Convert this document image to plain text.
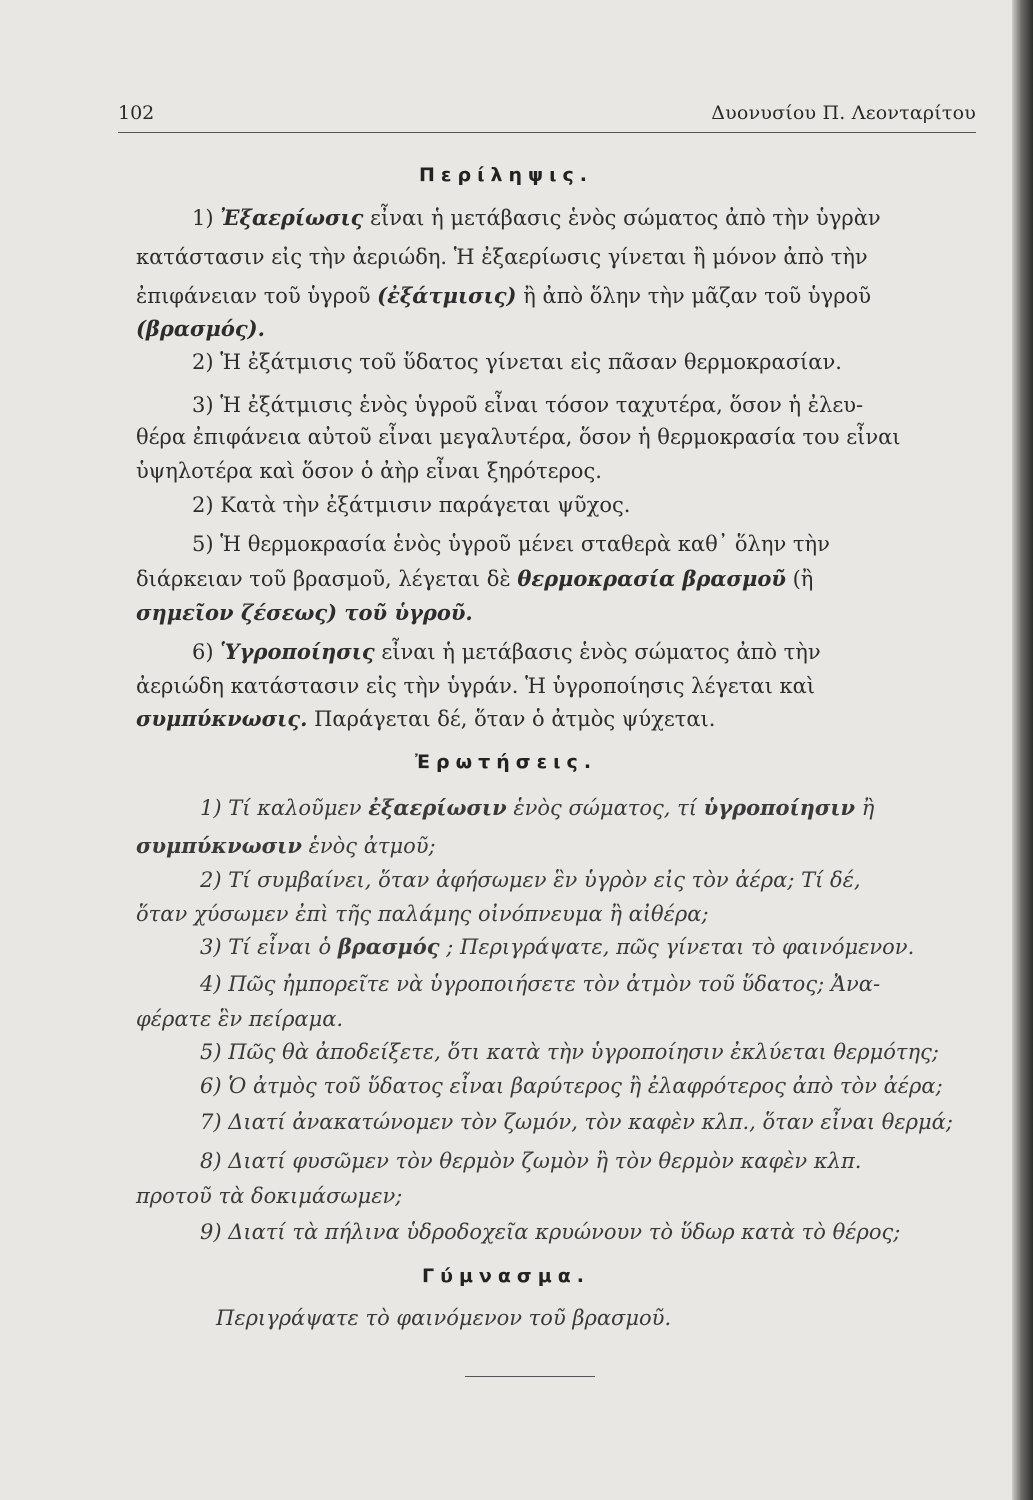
102	Δυονυσίου Π. Λεονταρίτου
Περίληψις.
1) Ἐξαερίωσις εἶναι ἡ μετάβασις ἑνὸς σώματος ἀπὸ τὴν ὑγρὰν
κατάστασιν εἰς τὴν ἀεριώδη. Ἡ ἐξαερίωσις γίνεται ἢ μόνον ἀπὸ τὴν
ἐπιφάνειαν τοῦ ὑγροῦ (ἐξάτμισις) ἢ ἀπὸ ὅλην τὴν μᾶζαν τοῦ ὑγροῦ
(βρασμός).
2) Ἡ ἐξάτμισις τοῦ ὕδατος γίνεται εἰς πᾶσαν θερμοκρασίαν.
3) Ἡ ἐξάτμισις ἑνὸς ὑγροῦ εἶναι τόσον ταχυτέρα, ὅσον ἡ ἐλευ-
θέρα ἐπιφάνεια αὐτοῦ εἶναι μεγαλυτέρα, ὅσον ἡ θερμοκρασία του εἶναι
ὑψηλοτέρα καὶ ὅσον ὁ ἀὴρ εἶναι ξηρότερος.
2) Κατὰ τὴν ἐξάτμισιν παράγεται ψῦχος.
5) Ἡ θερμοκρασία ἑνὸς ὑγροῦ μένει σταθερὰ καθ᾿ ὅλην τὴν
διάρκειαν τοῦ βρασμοῦ, λέγεται δὲ θερμοκρασία βρασμοῦ (ἢ
σημεῖον ζέσεως) τοῦ ὑγροῦ.
6) Ὑγροποίησις εἶναι ἡ μετάβασις ἑνὸς σώματος ἀπὸ τὴν
ἀεριώδη κατάστασιν εἰς τὴν ὑγράν. Ἡ ὑγροποίησις λέγεται καὶ
συμπύκνωσις. Παράγεται δέ, ὅταν ὁ ἀτμὸς ψύχεται.
Ἐρωτήσεις.
1) Τί καλοῦμεν ἐξαερίωσιν ἑνὸς σώματος, τί ὑγροποίησιν ἢ
συμπύκνωσιν ἑνὸς ἀτμοῦ;
2) Τί συμβαίνει, ὅταν ἀφήσωμεν ἓν ὑγρὸν εἰς τὸν ἀέρα; Τί δέ,
ὅταν χύσωμεν ἐπὶ τῆς παλάμης οἰνόπνευμα ἢ αἰθέρα;
3) Τί εἶναι ὁ βρασμός ; Περιγράψατε, πῶς γίνεται τὸ φαινόμενον.
4) Πῶς ἠμπορεῖτε νὰ ὑγροποιήσετε τὸν ἀτμὸν τοῦ ὕδατος; Ἀνα-
φέρατε ἓν πείραμα.
5) Πῶς θὰ ἀποδείξετε, ὅτι κατὰ τὴν ὑγροποίησιν ἐκλύεται θερμότης;
6) Ὁ ἀτμὸς τοῦ ὕδατος εἶναι βαρύτερος ἢ ἐλαφρότερος ἀπὸ τὸν ἀέρα;
7) Διατί ἀνακατώνομεν τὸν ζωμόν, τὸν καφὲν κλπ., ὅταν εἶναι θερμά;
8) Διατί φυσῶμεν τὸν θερμὸν ζωμὸν ἢ τὸν θερμὸν καφὲν κλπ.
προτοῦ τὰ δοκιμάσωμεν;
9) Διατί τὰ πήλινα ὑδροδοχεῖα κρυώνουν τὸ ὕδωρ κατὰ τὸ θέρος;
Γύμνασμα.
Περιγράψατε τὸ φαινόμενον τοῦ βρασμοῦ.
